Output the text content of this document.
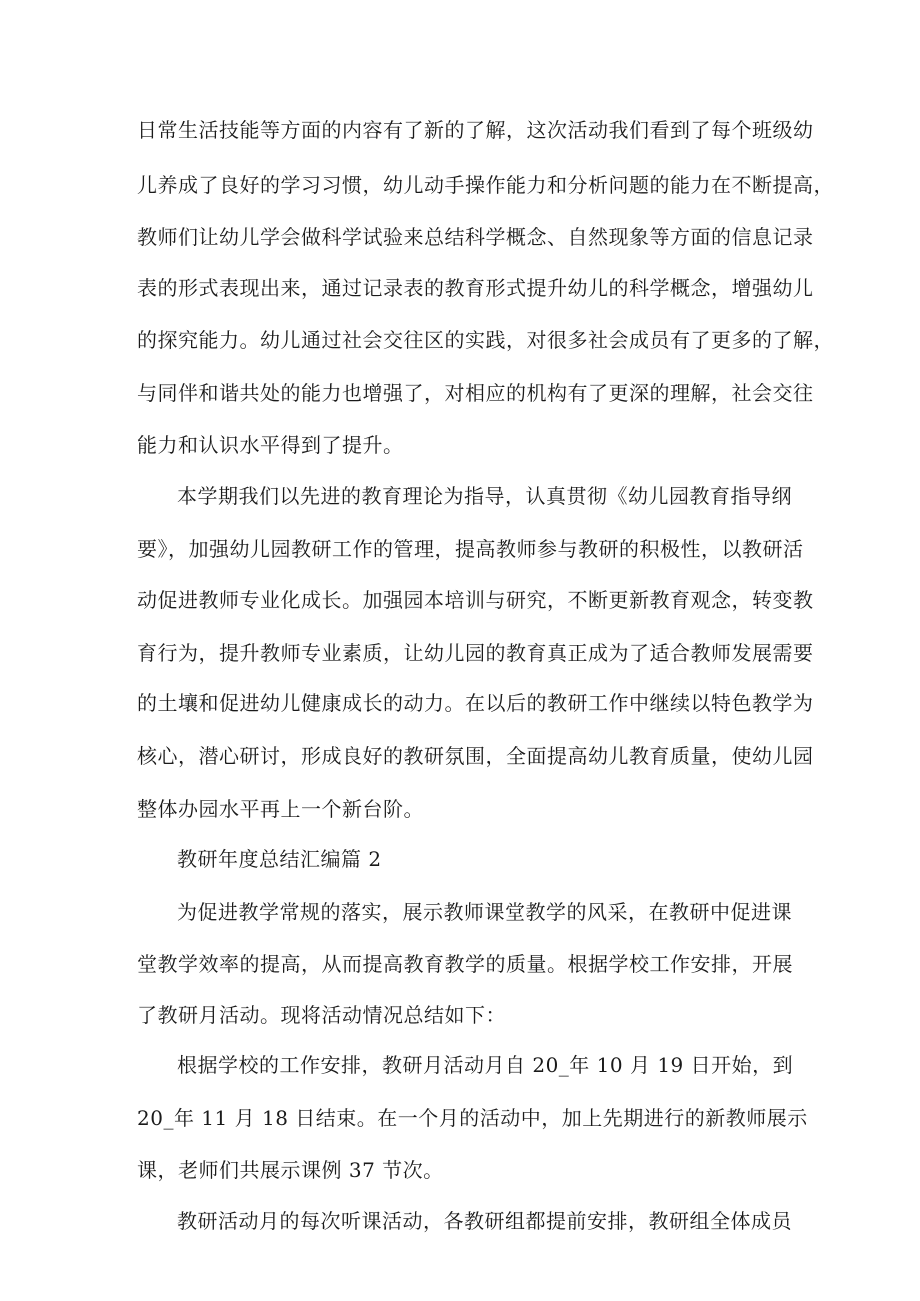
日常生活技能等方面的内容有了新的了解，这次活动我们看到了每个班级幼
儿养成了良好的学习习惯，幼儿动手操作能力和分析问题的能力在不断提高，
教师们让幼儿学会做科学试验来总结科学概念、自然现象等方面的信息记录
表的形式表现出来，通过记录表的教育形式提升幼儿的科学概念，增强幼儿
的探究能力。幼儿通过社会交往区的实践，对很多社会成员有了更多的了解，
与同伴和谐共处的能力也增强了，对相应的机构有了更深的理解，社会交往
能力和认识水平得到了提升。
本学期我们以先进的教育理论为指导，认真贯彻《幼儿园教育指导纲
要》，加强幼儿园教研工作的管理，提高教师参与教研的积极性，以教研活
动促进教师专业化成长。加强园本培训与研究，不断更新教育观念，转变教
育行为，提升教师专业素质，让幼儿园的教育真正成为了适合教师发展需要
的土壤和促进幼儿健康成长的动力。在以后的教研工作中继续以特色教学为
核心，潜心研讨，形成良好的教研氛围，全面提高幼儿教育质量，使幼儿园
整体办园水平再上一个新台阶。
教研年度总结汇编篇 2
为促进教学常规的落实，展示教师课堂教学的风采，在教研中促进课
堂教学效率的提高，从而提高教育教学的质量。根据学校工作安排，开展
了教研月活动。现将活动情况总结如下：
根据学校的工作安排，教研月活动月自 20_年 10 月 19 日开始，到
20_年 11 月 18 日结束。在一个月的活动中，加上先期进行的新教师展示
课，老师们共展示课例 37 节次。
教研活动月的每次听课活动，各教研组都提前安排，教研组全体成员
